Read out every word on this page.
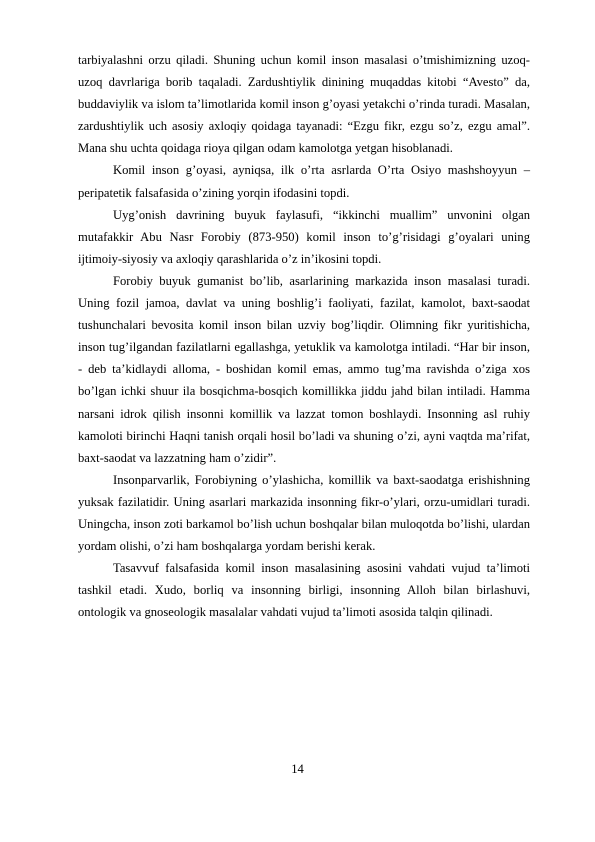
tarbiyalashni orzu qiladi. Shuning uchun komil inson masalasi o’tmishimizning uzoq-uzoq davrlariga borib taqaladi. Zardushtiylik dinining muqaddas kitobi “Avesto” da, buddaviylik va islom ta’limotlarida komil inson g’oyasi yetakchi o’rinda turadi. Masalan, zardushtiylik uch asosiy axloqiy qoidaga tayanadi: “Ezgu fikr, ezgu so’z, ezgu amal”. Mana shu uchta qoidaga rioya qilgan odam kamolotga yetgan hisoblanadi.

Komil inson g’oyasi, ayniqsa, ilk o’rta asrlarda O’rta Osiyo mashshoyyun – peripatetik falsafasida o’zining yorqin ifodasini topdi.

Uyg’onish davrining buyuk faylasufi, “ikkinchi muallim” unvonini olgan mutafakkir Abu Nasr Forobiy (873-950) komil inson to’g’risidagi g’oyalari uning ijtimoiy-siyosiy va axloqiy qarashlarida o’z in’ikosini topdi.

Forobiy buyuk gumanist bo’lib, asarlarining markazida inson masalasi turadi. Uning fozil jamoa, davlat va uning boshlig’i faoliyati, fazilat, kamolot, baxt-saodat tushunchalari bevosita komil inson bilan uzviy bog’liqdir. Olimning fikr yuritishicha, inson tug’ilgandan fazilatlarni egallashga, yetuklik va kamolotga intiladi. “Har bir inson, - deb ta’kidlaydi alloma, - boshidan komil emas, ammo tug’ma ravishda o’ziga xos bo’lgan ichki shuur ila bosqichma-bosqich komillikka jiddu jahd bilan intiladi. Hamma narsani idrok qilish insonni komillik va lazzat tomon boshlaydi. Insonning asl ruhiy kamoloti birinchi Haqni tanish orqali hosil bo’ladi va shuning o’zi, ayni vaqtda ma’rifat, baxt-saodat va lazzatning ham o’zidir”.

Insonparvarlik, Forobiyning o’ylashicha, komillik va baxt-saodatga erishishning yuksak fazilatidir. Uning asarlari markazida insonning fikr-o’ylari, orzu-umidlari turadi. Uningcha, inson zoti barkamol bo’lish uchun boshqalar bilan muloqotda bo’lishi, ulardan yordam olishi, o’zi ham boshqalarga yordam berishi kerak.

Tasavvuf falsafasida komil inson masalasining asosini vahdati vujud ta’limoti tashkil etadi. Xudo, borliq va insonning birligi, insonning Alloh bilan birlashuvi, ontologik va gnoseologik masalalar vahdati vujud ta’limoti asosida talqin qilinadi.

14
